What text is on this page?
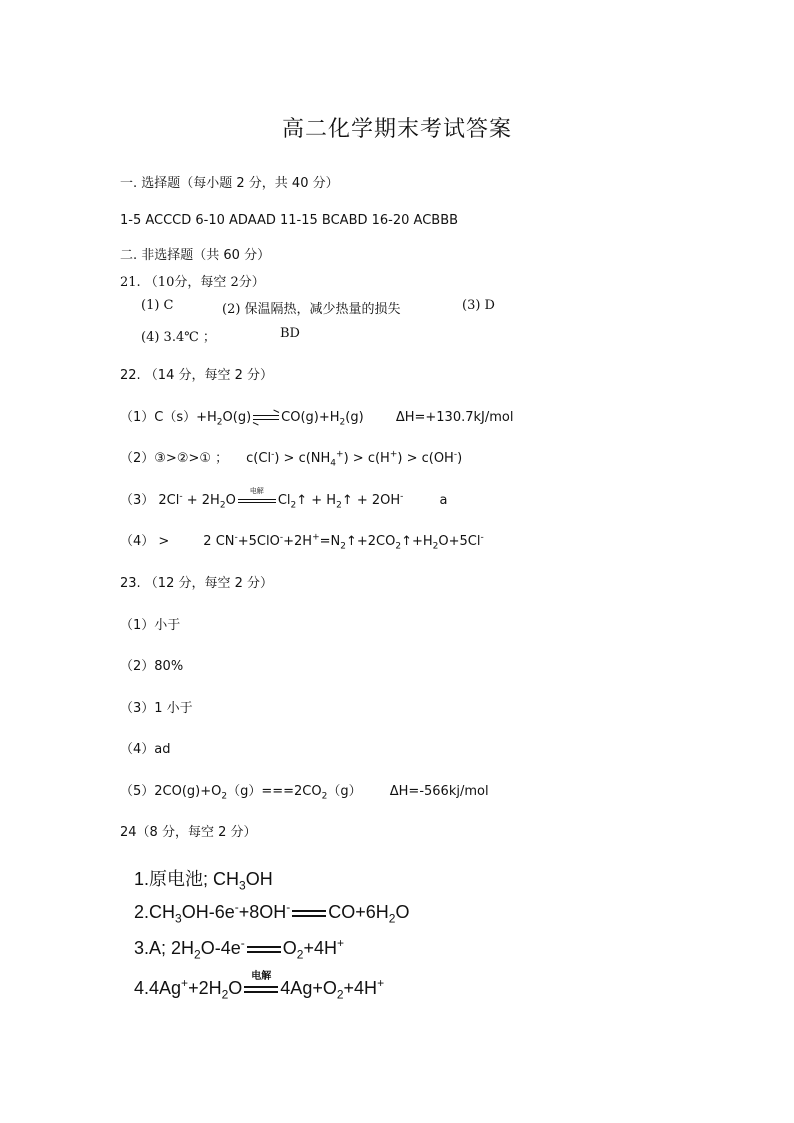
高二化学期末考试答案
一. 选择题（每小题 2 分，共 40 分）
1-5 ACCCD 6-10 ADAAD 11-15 BCABD 16-20 ACBBB
二. 非选择题（共 60 分）
21. （10分，每空 2分）
(1) C	(2) 保温隔热，减少热量的损失	(3) D
(4) 3.4℃ ；	BD
22. （14 分，每空 2 分）
$(1)C(s)+H_2O(g)$ ⇌ $CO(g)+H_2(g)$ ΔH=+130.7kJ/mol
（2）③>②>① ； $c(Cl^-) > c(NH_4^+) > c(H^+) > c(OH^-)$
（3） $2Cl^- + 2H_2O$
电解
$Cl_2↑$ + $H_2↑ + 2OH^-$	a
（4） >	2 $CN^-+5ClO^-+2H^+=N_2↑+2CO_2↑+H_2O+5Cl^-$
23. （12 分，每空 2 分）
（1）小于
（2）80%
（3）1 小于
（4）ad
$(5)2CO(g)+O_2(g)===2CO_2(g)$ ΔH=-566kj/mol
24（8 分，每空 2 分）
1.原电池; $CH_3OH$
$2.CH_3OH-6e^-+8OH^-$ $CO+6H_2O$
3.A; $2H_2O-4e^-$ $O_2+4H^+$
$4.4Ag^++2H_2O$
电解
$4Ag+O_2+4H^+$
